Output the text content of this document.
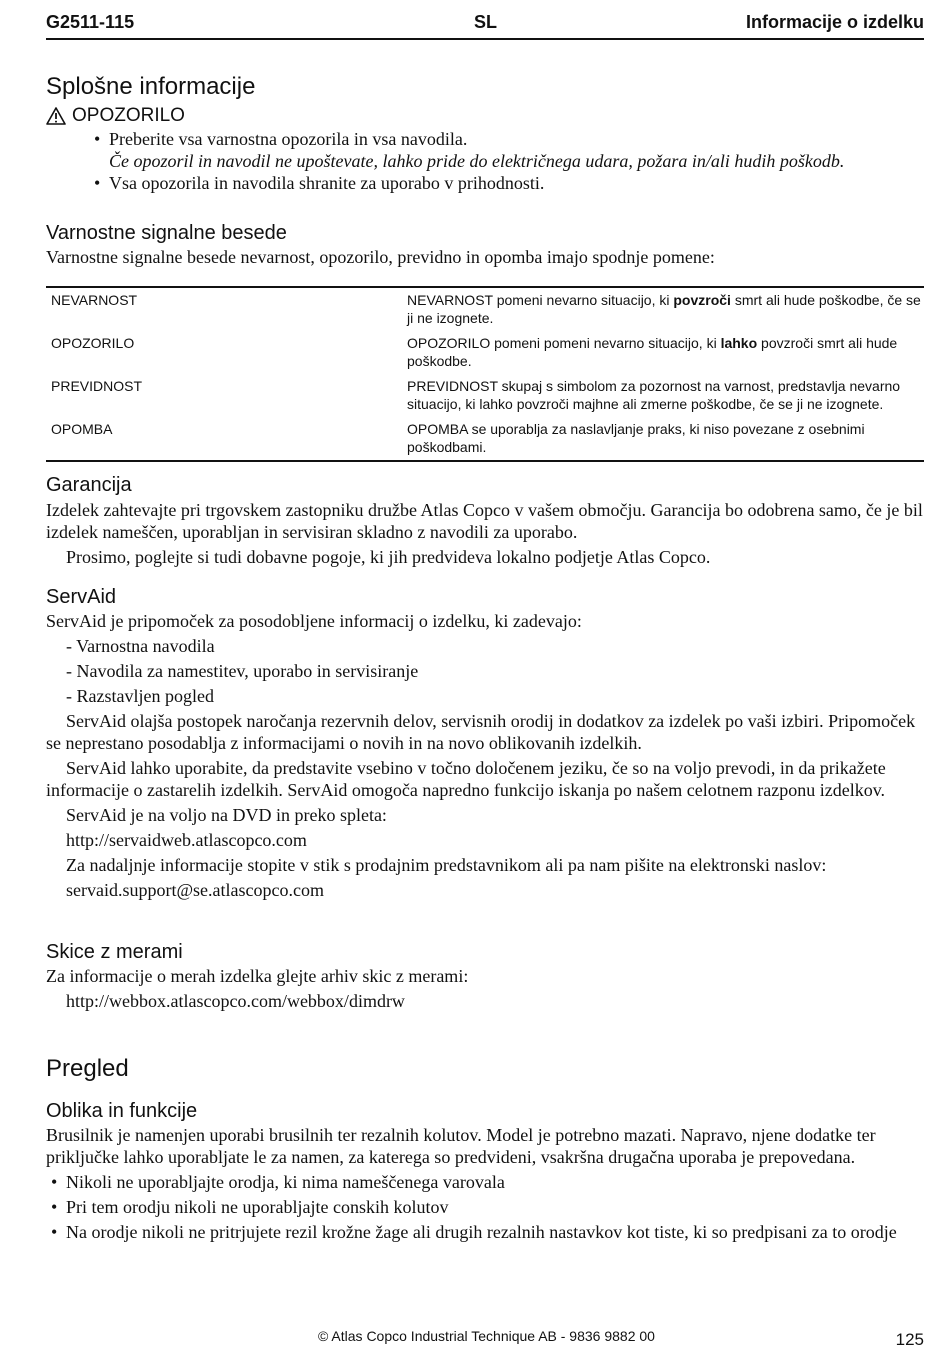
G2511-115	SL	Informacije o izdelku
Splošne informacije
OPOZORILO
• Preberite vsa varnostna opozorila in vsa navodila.
Če opozoril in navodil ne upoštevate, lahko pride do električnega udara, požara in/ali hudih poškodb.
• Vsa opozorila in navodila shranite za uporabo v prihodnosti.
Varnostne signalne besede

Varnostne signalne besede nevarnost, opozorilo, previdno in opomba imajo spodnje pomene:

NEVARNOST	NEVARNOST pomeni nevarno situacijo, ki povzroči smrt ali hude poškodbe, če se ji ne izognete.
OPOZORILO	OPOZORILO pomeni pomeni nevarno situacijo, ki lahko povzroči smrt ali hude poškodbe.
PREVIDNOST	PREVIDNOST skupaj s simbolom za pozornost na varnost, predstavlja nevarno situacijo, ki lahko povzroči majhne ali zmerne poškodbe, če se ji ne izognete.
OPOMBA	OPOMBA se uporablja za naslavljanje praks, ki niso povezane z osebnimi poškodbami.
Garancija

Izdelek zahtevajte pri trgovskem zastopniku družbe Atlas Copco v vašem območju. Garancija bo odobrena samo, če je bil izdelek nameščen, uporabljan in servisiran skladno z navodili za uporabo.

Prosimo, poglejte si tudi dobavne pogoje, ki jih predvideva lokalno podjetje Atlas Copco.

ServAid

ServAid je pripomoček za posodobljene informacij o izdelku, ki zadevajo:

- Varnostna navodila

- Navodila za namestitev, uporabo in servisiranje

- Razstavljen pogled

ServAid olajša postopek naročanja rezervnih delov, servisnih orodij in dodatkov za izdelek po vaši izbiri. Pripomoček se neprestano posodablja z informacijami o novih in na novo oblikovanih izdelkih.

ServAid lahko uporabite, da predstavite vsebino v točno določenem jeziku, če so na voljo prevodi, in da prikažete informacije o zastarelih izdelkih. ServAid omogoča napredno funkcijo iskanja po našem celotnem razponu izdelkov.

ServAid je na voljo na DVD in preko spleta:

http://servaidweb.atlascopco.com

Za nadaljnje informacije stopite v stik s prodajnim predstavnikom ali pa nam pišite na elektronski naslov:

servaid.support@se.atlascopco.com

Skice z merami

Za informacije o merah izdelka glejte arhiv skic z merami:

http://webbox.atlascopco.com/webbox/dimdrw

Pregled
Oblika in funkcije

Brusilnik je namenjen uporabi brusilnih ter rezalnih kolutov. Model je potrebno mazati. Napravo, njene dodatke ter priključke lahko uporabljate le za namen, za katerega so predvideni, vsakršna drugačna uporaba je prepovedana.

• Nikoli ne uporabljajte orodja, ki nima nameščenega varovala
• Pri tem orodju nikoli ne uporabljajte conskih kolutov
• Na orodje nikoli ne pritrjujete rezil krožne žage ali drugih rezalnih nastavkov kot tiste, ki so predpisani za to orodje
© Atlas Copco Industrial Technique AB - 9836 9882 00	125
